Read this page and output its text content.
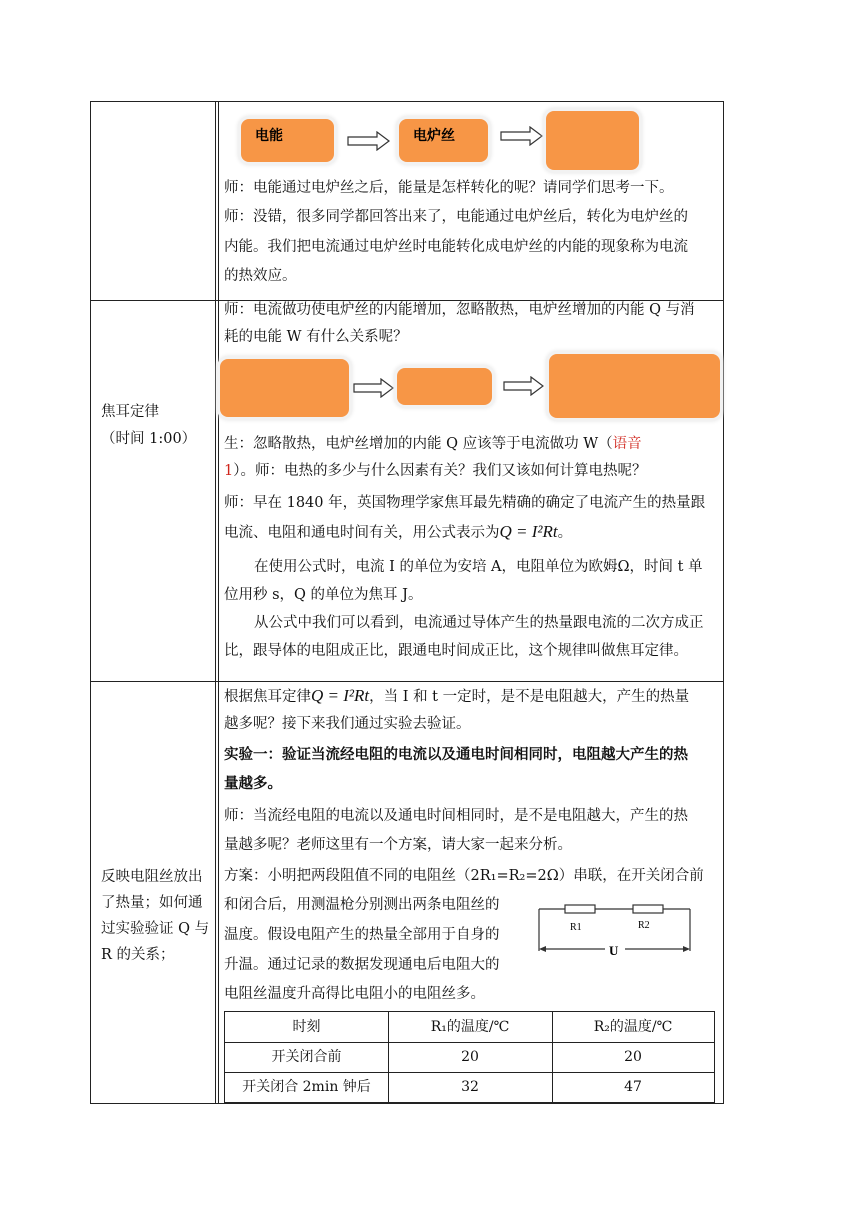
电能	电炉丝
师：电能通过电炉丝之后，能量是怎样转化的呢？请同学们思考一下。
师：没错，很多同学都回答出来了，电能通过电炉丝后，转化为电炉丝的
内能。我们把电流通过电炉丝时电能转化成电炉丝的内能的现象称为电流
的热效应。
焦耳定律
（时间 1:00）
师：电流做功使电炉丝的内能增加，忽略散热，电炉丝增加的内能 Q 与消
耗的电能 W 有什么关系呢？
生：忽略散热，电炉丝增加的内能 Q 应该等于电流做功 W（语音
1）。师：电热的多少与什么因素有关？我们又该如何计算电热呢？
师：早在 1840 年，英国物理学家焦耳最先精确的确定了电流产生的热量跟
电流、电阻和通电时间有关，用公式表示为Q = I²Rt。
在使用公式时，电流 I 的单位为安培 A，电阻单位为欧姆Ω，时间 t 单
位用秒 s，Q 的单位为焦耳 J。
从公式中我们可以看到，电流通过导体产生的热量跟电流的二次方成正
比，跟导体的电阻成正比，跟通电时间成正比，这个规律叫做焦耳定律。
反映电阻丝放出
了热量；如何通
过实验验证 Q 与
R 的关系；
根据焦耳定律Q = I²Rt，当 I 和 t 一定时，是不是电阻越大，产生的热量
越多呢？接下来我们通过实验去验证。
实验一：验证当流经电阻的电流以及通电时间相同时，电阻越大产生的热
量越多。
师：当流经电阻的电流以及通电时间相同时，是不是电阻越大，产生的热
量越多呢？老师这里有一个方案，请大家一起来分析。
方案：小明把两段阻值不同的电阻丝（2R₁=R₂=2Ω）串联，在开关闭合前
和闭合后，用测温枪分别测出两条电阻丝的
温度。假设电阻产生的热量全部用于自身的
升温。通过记录的数据发现通电后电阻大的
电阻丝温度升高得比电阻小的电阻丝多。
R1	R2
U
时刻	R₁的温度/℃	R₂的温度/℃
开关闭合前	20	20
开关闭合 2min 钟后	32	47
